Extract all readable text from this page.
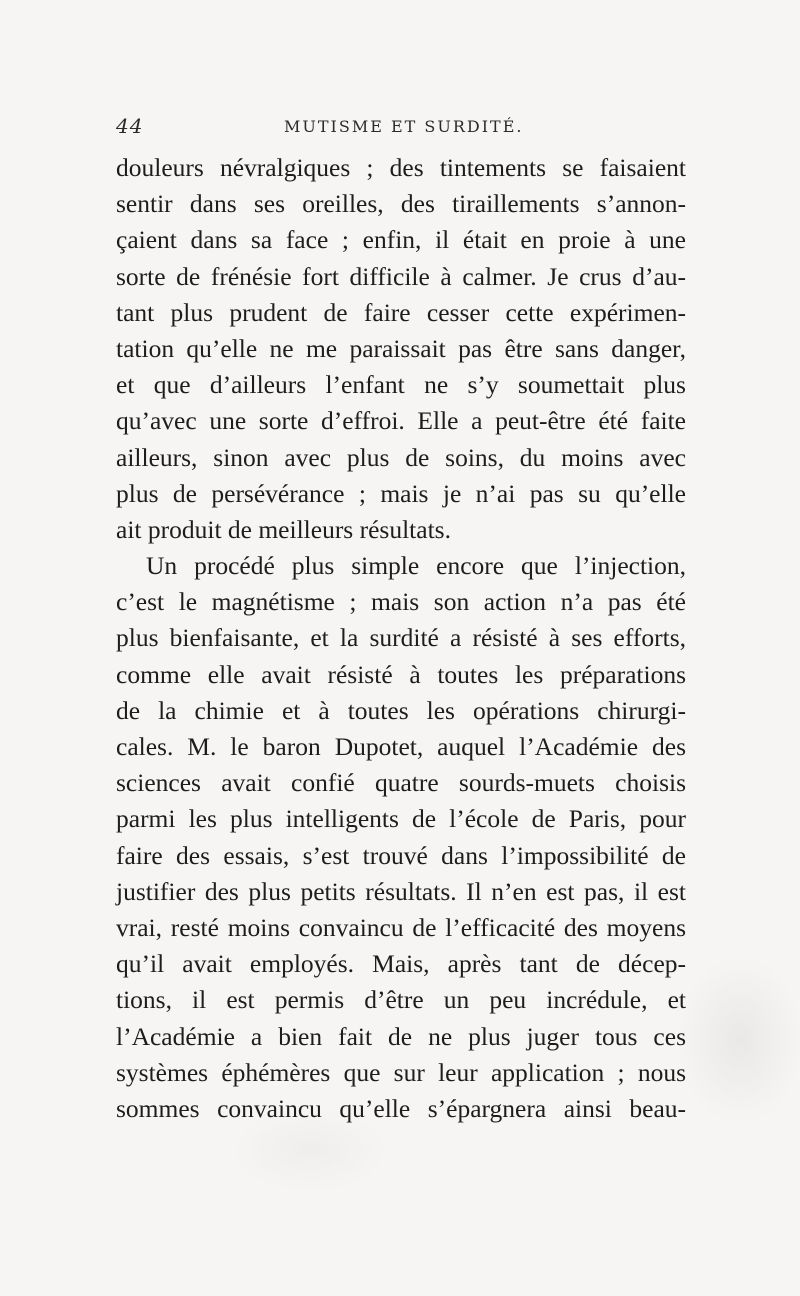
44	MUTISME ET SURDITÉ.
douleurs névralgiques ; des tintements se faisaient
sentir dans ses oreilles, des tiraillements s’annon-
çaient dans sa face ; enfin, il était en proie à une
sorte de frénésie fort difficile à calmer. Je crus d’au-
tant plus prudent de faire cesser cette expérimen-
tation qu’elle ne me paraissait pas être sans danger,
et que d’ailleurs l’enfant ne s’y soumettait plus
qu’avec une sorte d’effroi. Elle a peut-être été faite
ailleurs, sinon avec plus de soins, du moins avec
plus de persévérance ; mais je n’ai pas su qu’elle
ait produit de meilleurs résultats.
Un procédé plus simple encore que l’injection,
c’est le magnétisme ; mais son action n’a pas été
plus bienfaisante, et la surdité a résisté à ses efforts,
comme elle avait résisté à toutes les préparations
de la chimie et à toutes les opérations chirurgi-
cales. M. le baron Dupotet, auquel l’Académie des
sciences avait confié quatre sourds-muets choisis
parmi les plus intelligents de l’école de Paris, pour
faire des essais, s’est trouvé dans l’impossibilité de
justifier des plus petits résultats. Il n’en est pas, il est
vrai, resté moins convaincu de l’efficacité des moyens
qu’il avait employés. Mais, après tant de décep-
tions, il est permis d’être un peu incrédule, et
l’Académie a bien fait de ne plus juger tous ces
systèmes éphémères que sur leur application ; nous
sommes convaincu qu’elle s’épargnera ainsi beau-
